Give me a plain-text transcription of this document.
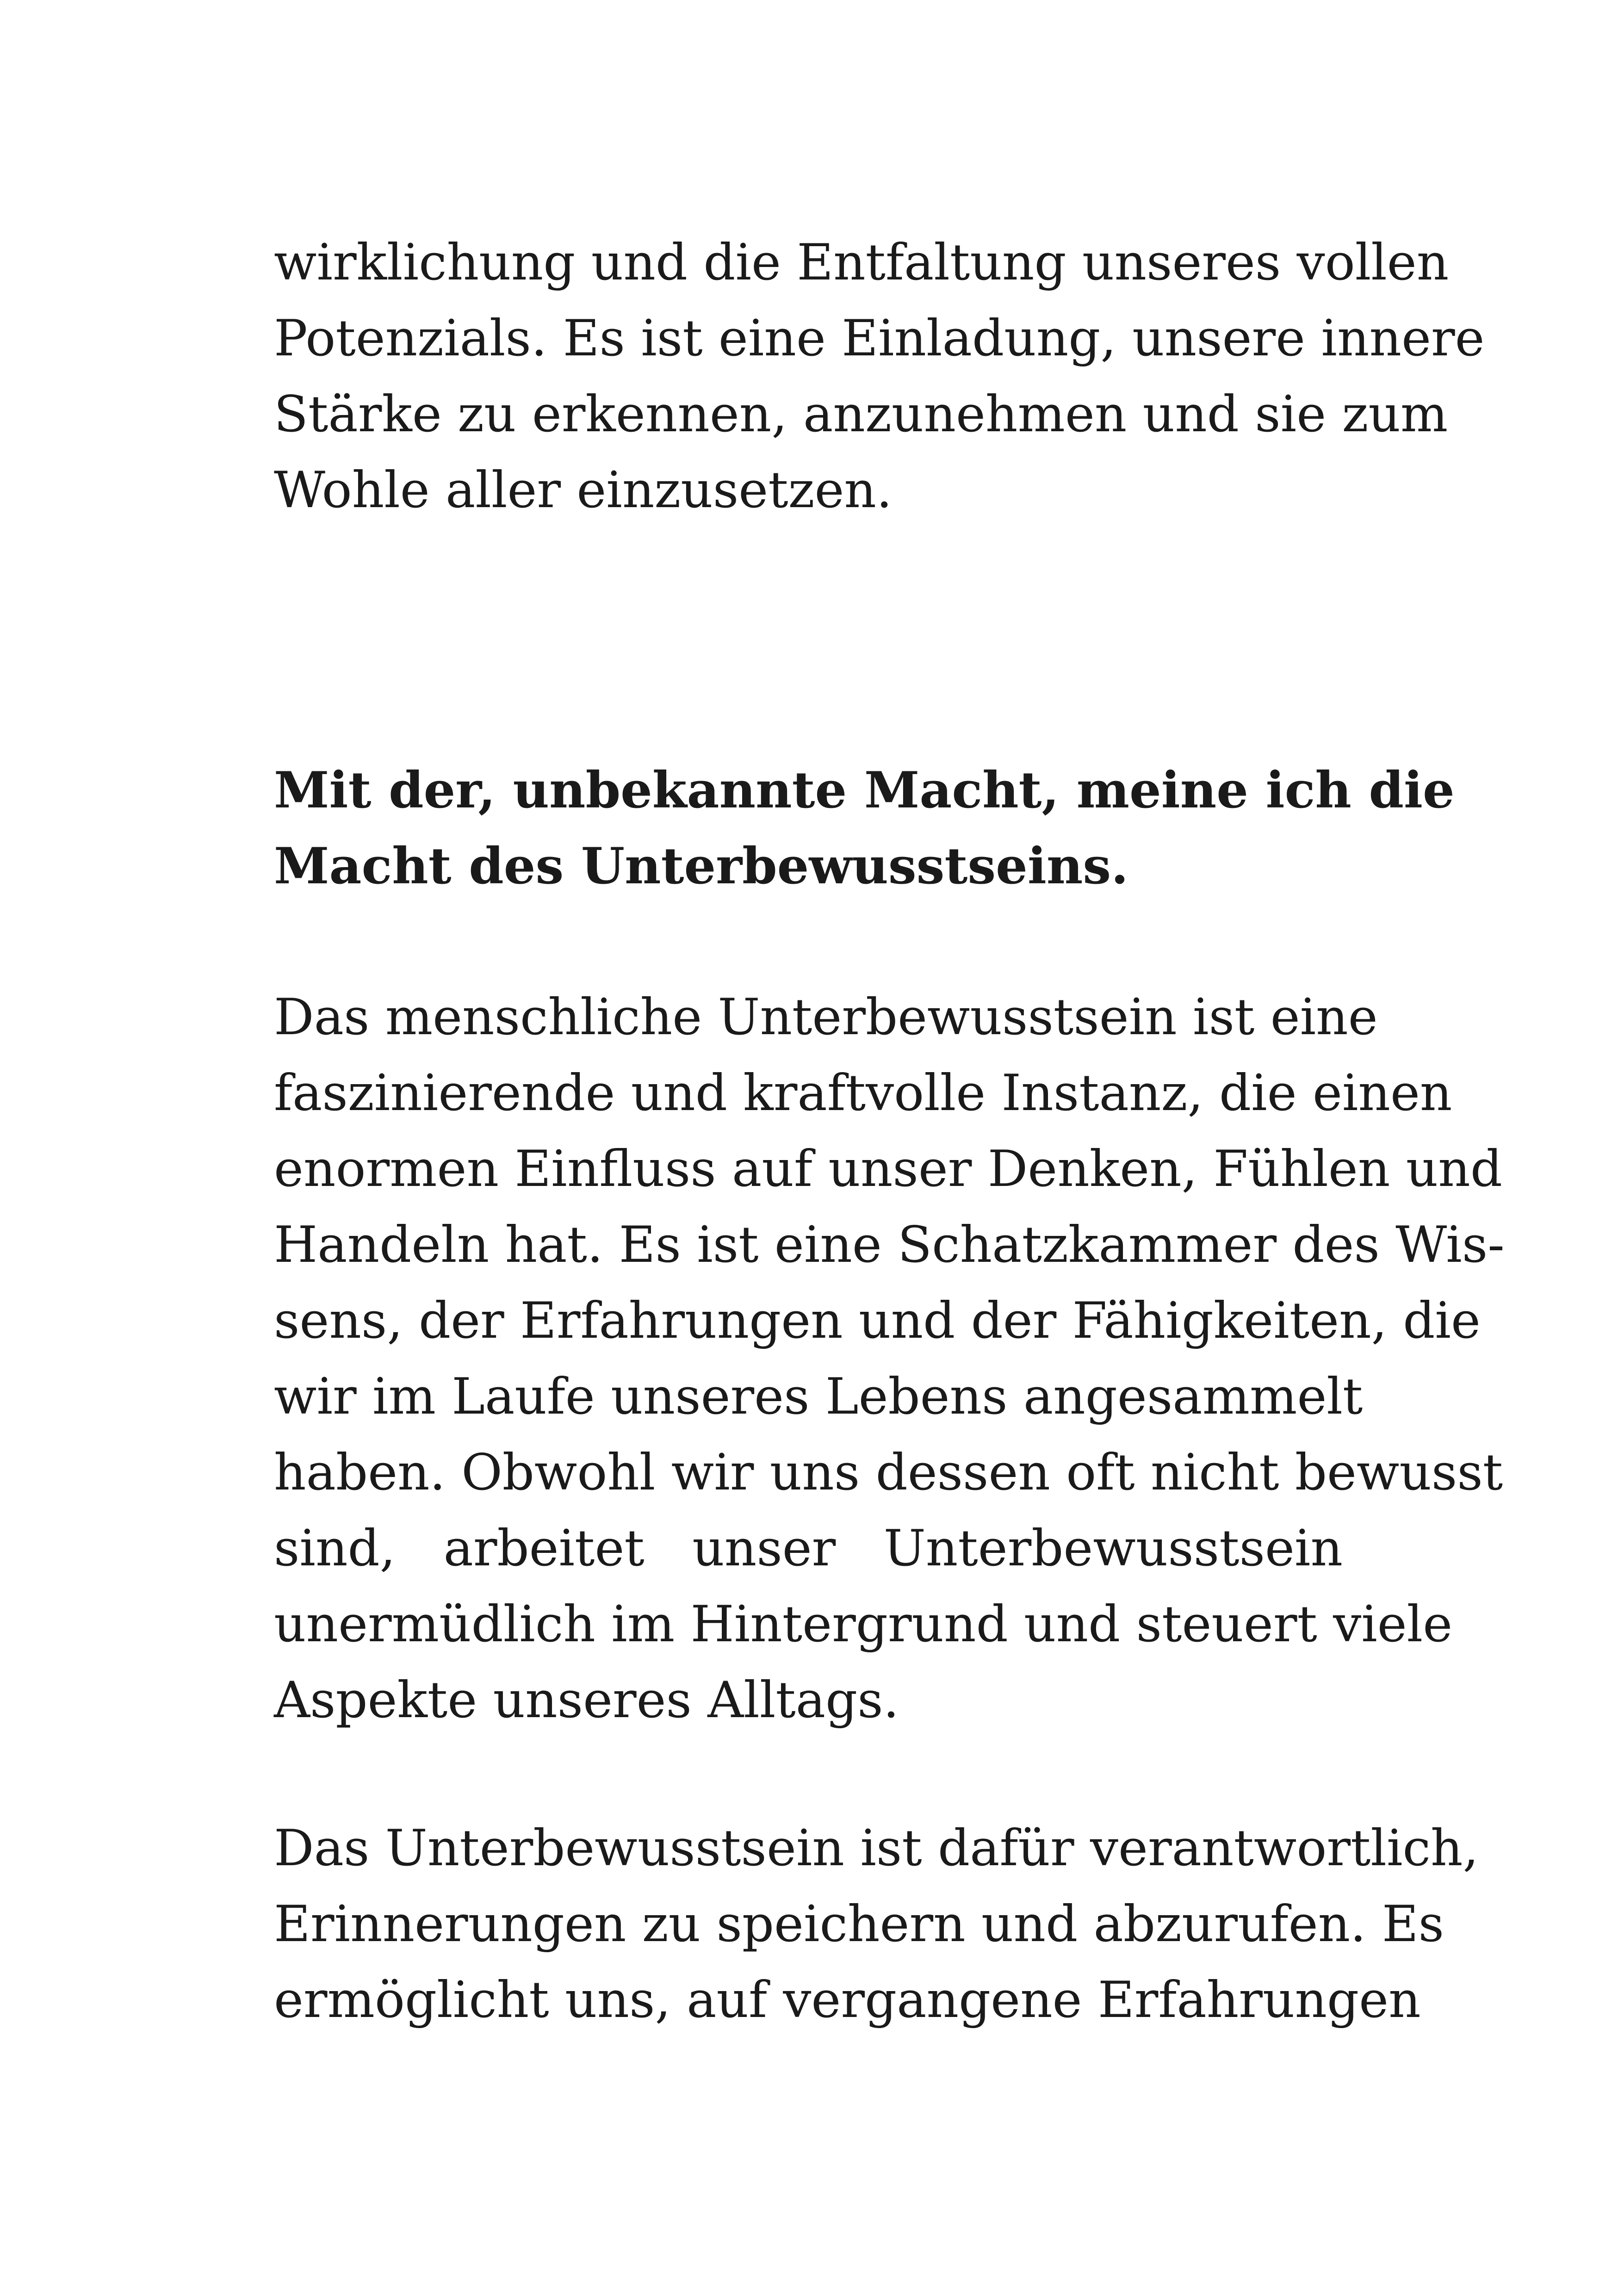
wirklichung und die Entfaltung unseres vollen
Potenzials. Es ist eine Einladung, unsere innere
Stärke zu erkennen, anzunehmen und sie zum
Wohle aller einzusetzen.

Mit der, unbekannte Macht, meine ich die
Macht des Unterbewusstseins.

Das menschliche Unterbewusstsein ist eine
faszinierende und kraftvolle Instanz, die einen
enormen Einfluss auf unser Denken, Fühlen und
Handeln hat. Es ist eine Schatzkammer des Wis-
sens, der Erfahrungen und der Fähigkeiten, die
wir im Laufe unseres Lebens angesammelt
haben. Obwohl wir uns dessen oft nicht bewusst
sind, arbeitet unser Unterbewusstsein
unermüdlich im Hintergrund und steuert viele
Aspekte unseres Alltags.

Das Unterbewusstsein ist dafür verantwortlich,
Erinnerungen zu speichern und abzurufen. Es
ermöglicht uns, auf vergangene Erfahrungen
